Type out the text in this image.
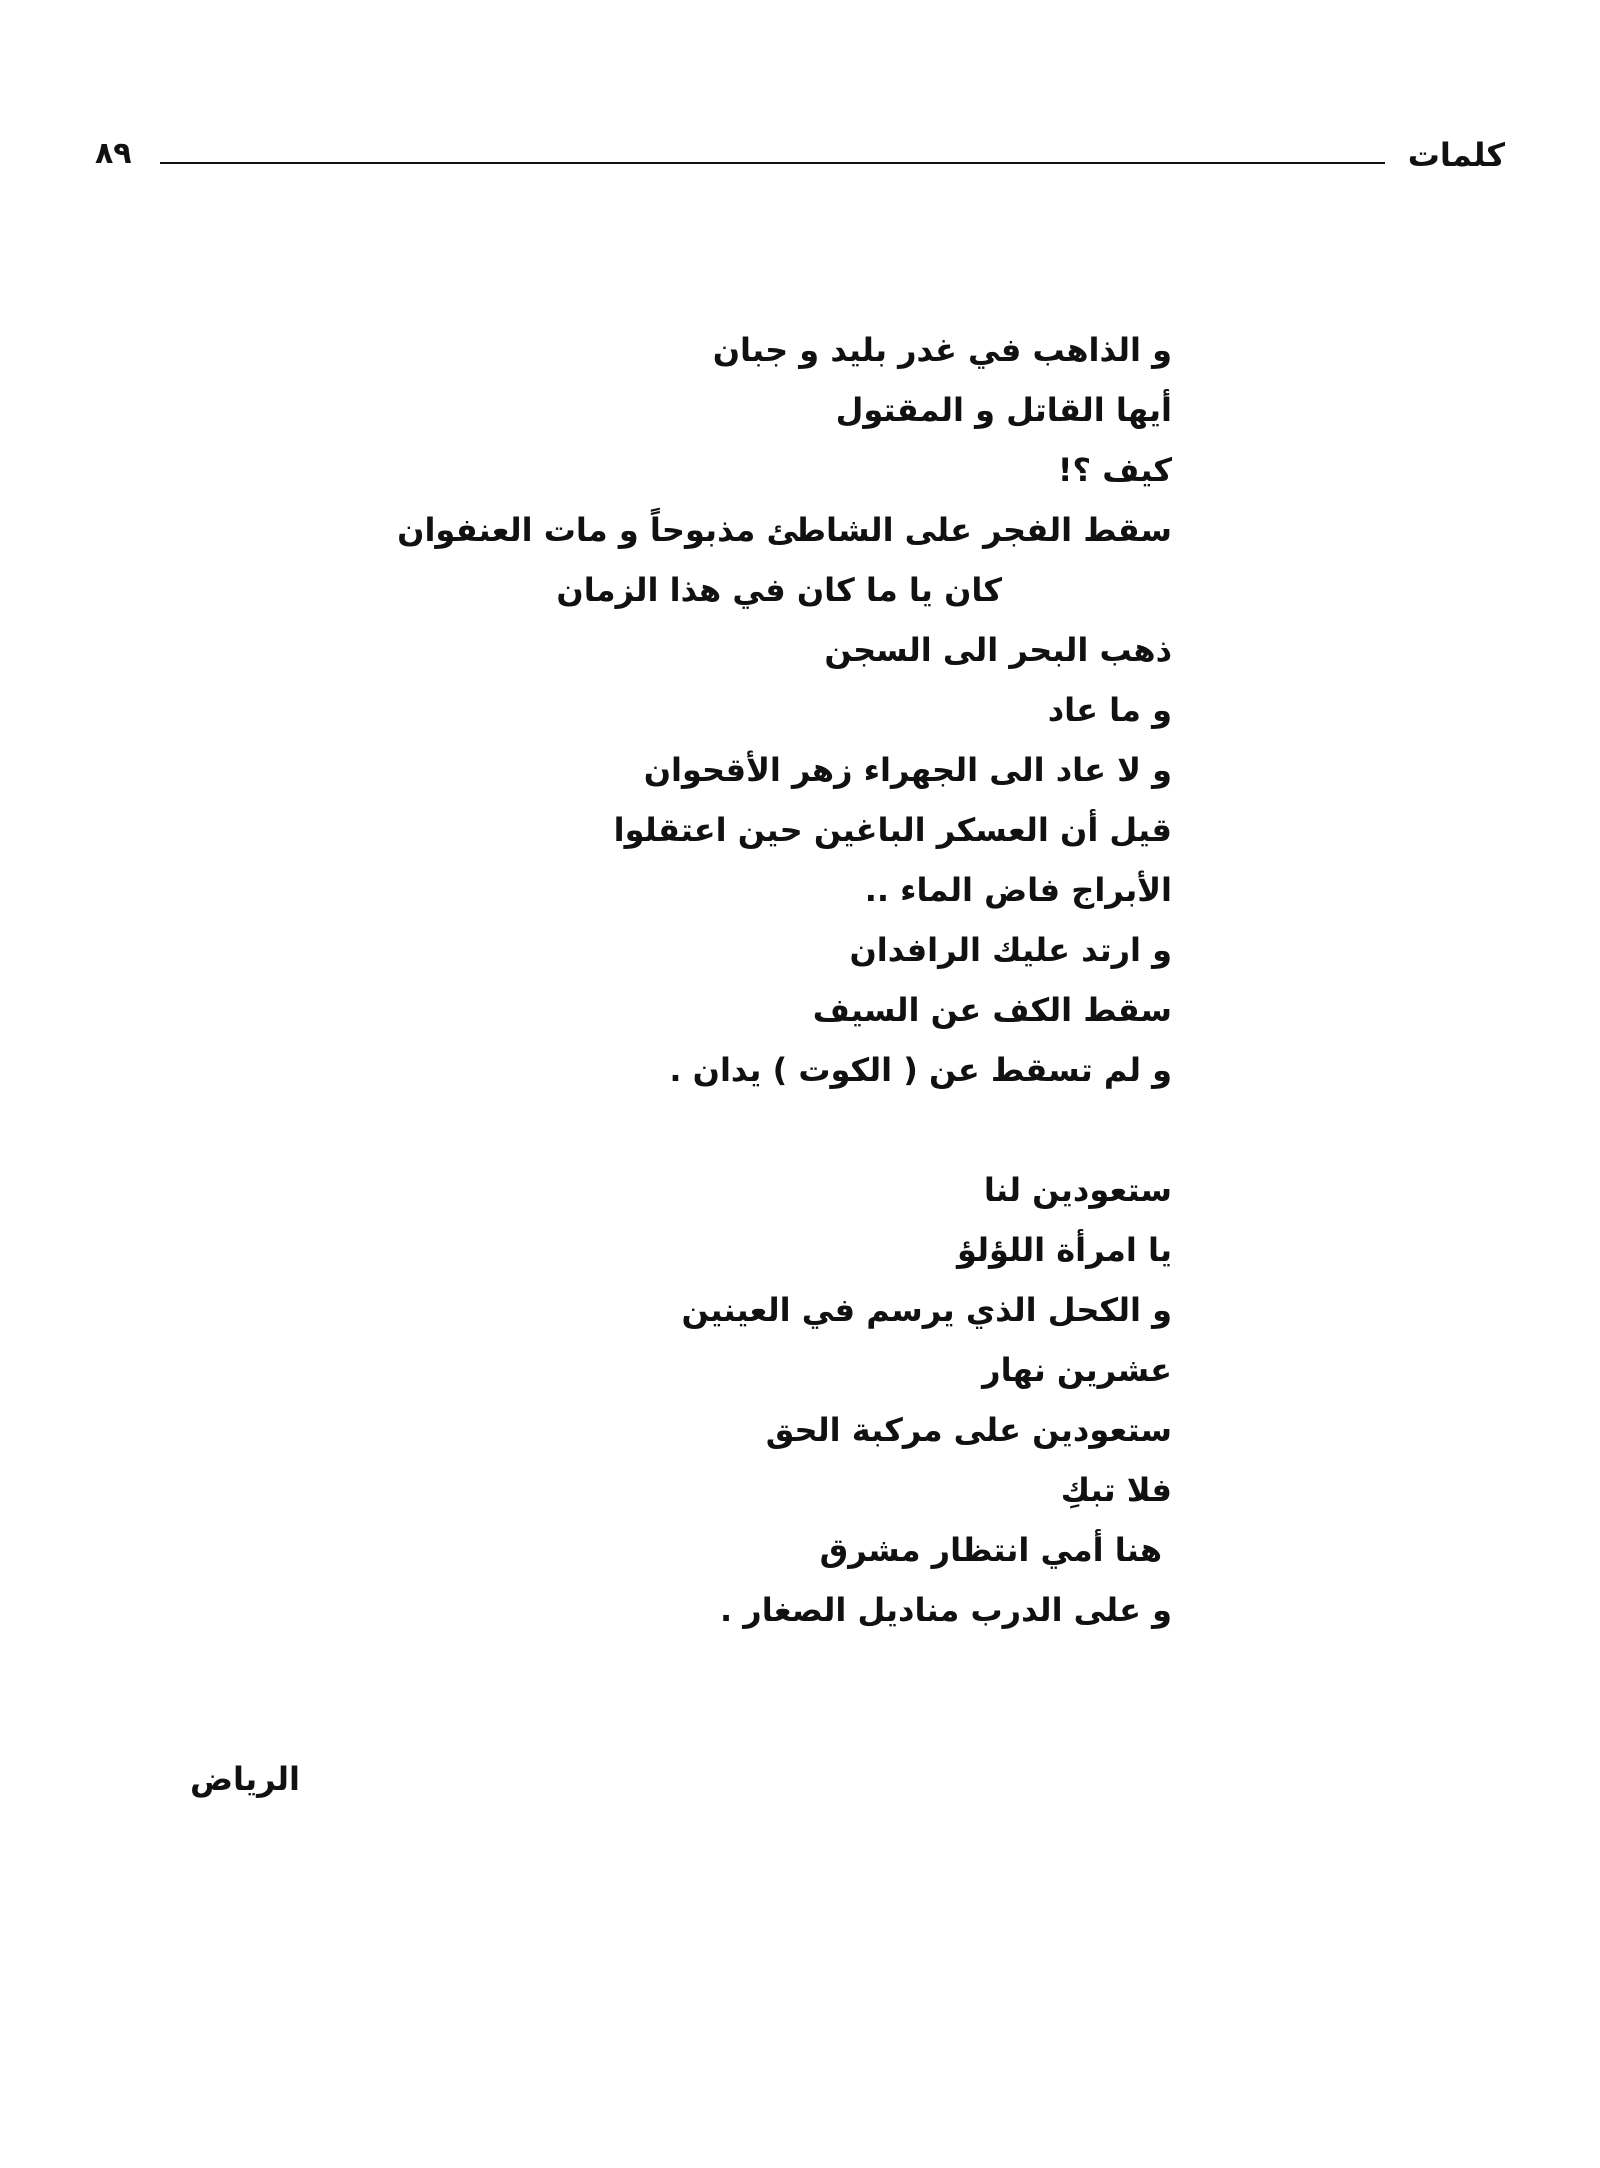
٨٩	كلمات
و الذاهب في غدر بليد و جبان
أيها القاتل و المقتول
كيف ؟!
سقط الفجر على الشاطئ مذبوحاً و مات العنفوان
كان يا ما كان في هذا الزمان
ذهب البحر الى السجن
و ما عاد
و لا عاد الى الجهراء زهر الأقحوان
قيل أن العسكر الباغين حين اعتقلوا
الأبراج فاض الماء ..
و ارتد عليك الرافدان
سقط الكف عن السيف
و لم تسقط عن ( الكوت ) يدان .
ستعودين لنا
يا امرأة اللؤلؤ
و الكحل الذي يرسم في العينين
عشرين نهار
ستعودين على مركبة الحق
فلا تبكِ
هنا أمي انتظار مشرق
و على الدرب مناديل الصغار .
الرياض
